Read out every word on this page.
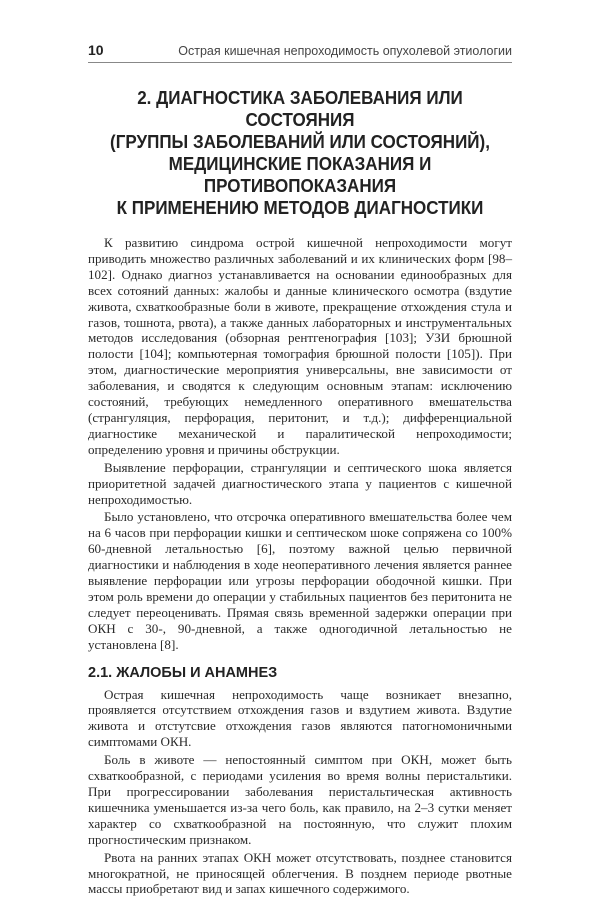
10	Острая кишечная непроходимость опухолевой этиологии
2. ДИАГНОСТИКА ЗАБОЛЕВАНИЯ ИЛИ СОСТОЯНИЯ
(ГРУППЫ ЗАБОЛЕВАНИЙ ИЛИ СОСТОЯНИЙ),
МЕДИЦИНСКИЕ ПОКАЗАНИЯ И ПРОТИВОПОКАЗАНИЯ
К ПРИМЕНЕНИЮ МЕТОДОВ ДИАГНОСТИКИ

К развитию синдрома острой кишечной непроходимости могут приводить множество различных заболеваний и их клинических форм [98–102]. Однако диагноз устанавливается на основании единообразных для всех сотояний данных: жалобы и данные клинического осмотра (вздутие живота, схваткообразные боли в животе, прекращение отхождения стула и газов, тошнота, рвота), а также данных лабораторных и инструментальных методов исследования (обзорная рентгенография [103]; УЗИ брюшной полости [104]; компьютерная томография брюшной полости [105]). При этом, диагностические мероприятия универсальны, вне зависимости от заболевания, и сводятся к следующим основным этапам: исключению состояний, требующих немедленного оперативного вмешательства (странгуляция, перфорация, перитонит, и т.д.); дифференциальной диагностике механической и паралитической непроходимости; определению уровня и причины обструкции.

Выявление перфорации, странгуляции и септического шока является приоритетной задачей диагностического этапа у пациентов с кишечной непроходимостью.

Было установлено, что отсрочка оперативного вмешательства более чем на 6 часов при перфорации кишки и септическом шоке сопряжена со 100% 60-дневной летальностью [6], поэтому важной целью первичной диагностики и наблюдения в ходе неоперативного лечения является раннее выявление перфорации или угрозы перфорации ободочной кишки. При этом роль времени до операции у стабильных пациентов без перитонита не следует переоценивать. Прямая связь временной задержки операции при ОКН с 30-, 90-дневной, а также одногодичной летальностью не установлена [8].

2.1. ЖАЛОБЫ И АНАМНЕЗ

Острая кишечная непроходимость чаще возникает внезапно, проявляется отсутствием отхождения газов и вздутием живота. Вздутие живота и отстутсвие отхождения газов являются патогномоничными симптомами ОКН.

Боль в животе — непостоянный симптом при ОКН, может быть схваткообразной, с периодами усиления во время волны перистальтики. При прогрессировании заболевания перистальтическая активность кишечника уменьшается из-за чего боль, как правило, на 2–3 сутки меняет характер со схваткообразной на постоянную, что служит плохим прогностическим признаком.

Рвота на ранних этапах ОКН может отсутствовать, позднее становится многократной, не приносящей облегчения. В позднем периоде рвотные массы приобретают вид и запах кишечного содержимого.
